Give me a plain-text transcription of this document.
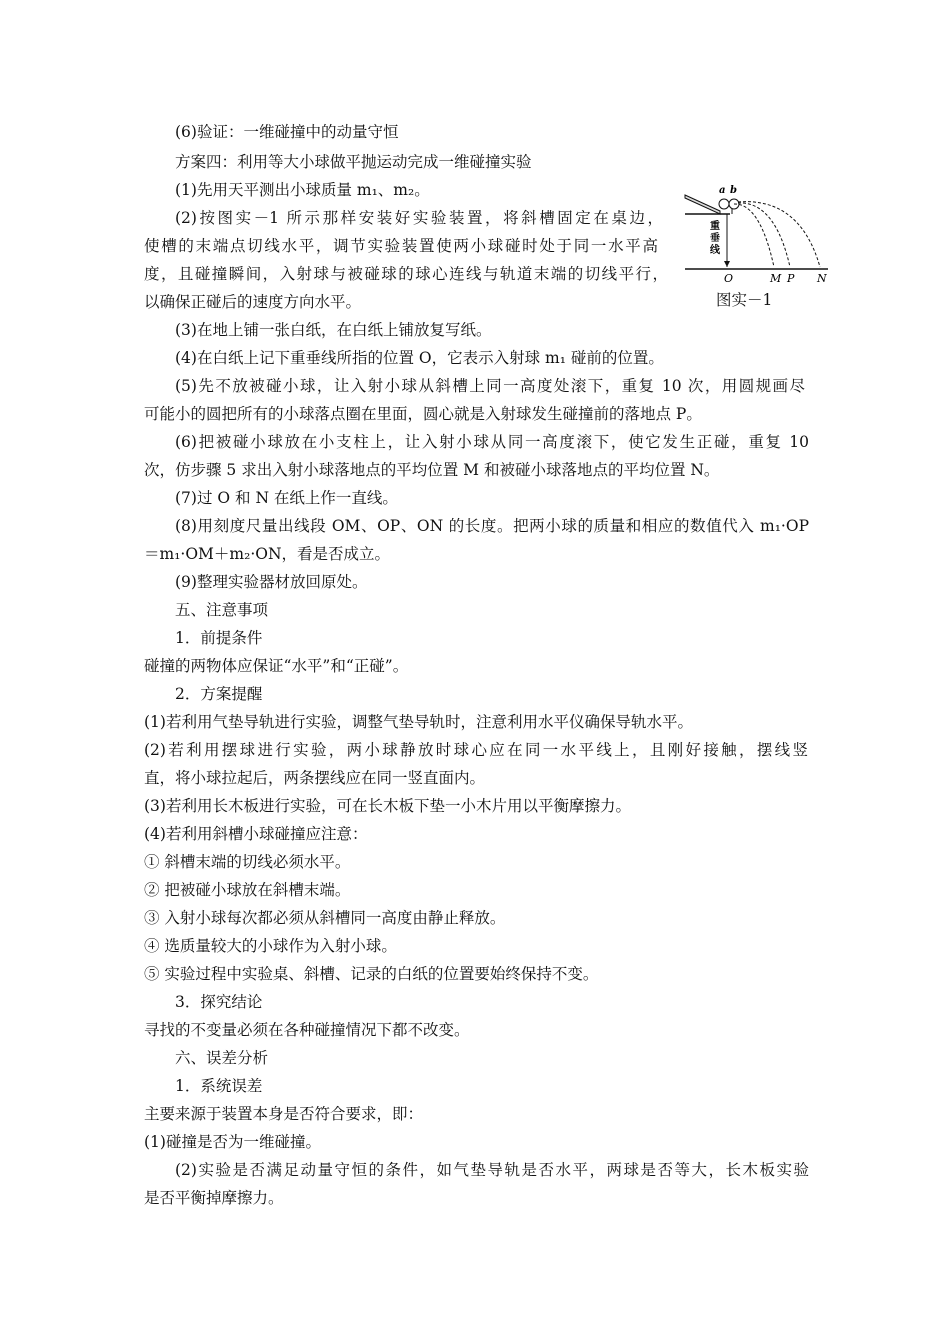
(6)验证：一维碰撞中的动量守恒
方案四：利用等大小球做平抛运动完成一维碰撞实验
(1)先用天平测出小球质量 m₁、m₂。
(2)按图实－1 所示那样安装好实验装置，将斜槽固定在桌边，
使槽的末端点切线水平，调节实验装置使两小球碰时处于同一水平高
度，且碰撞瞬间，入射球与被碰球的球心连线与轨道末端的切线平行，
以确保正碰后的速度方向水平。
(3)在地上铺一张白纸，在白纸上铺放复写纸。
(4)在白纸上记下重垂线所指的位置 O，它表示入射球 m₁ 碰前的位置。
(5)先不放被碰小球，让入射小球从斜槽上同一高度处滚下，重复 10 次，用圆规画尽
可能小的圆把所有的小球落点圈在里面，圆心就是入射球发生碰撞前的落地点 P。
(6)把被碰小球放在小支柱上，让入射小球从同一高度滚下，使它发生正碰，重复 10
次，仿步骤 5 求出入射小球落地点的平均位置 M 和被碰小球落地点的平均位置 N。
(7)过 O 和 N 在纸上作一直线。
(8)用刻度尺量出线段 OM、OP、ON 的长度。把两小球的质量和相应的数值代入 m₁·OP
＝m₁·OM＋m₂·ON，看是否成立。
(9)整理实验器材放回原处。
五、注意事项
1．前提条件
碰撞的两物体应保证“水平”和“正碰”。
2．方案提醒
(1)若利用气垫导轨进行实验，调整气垫导轨时，注意利用水平仪确保导轨水平。
(2)若利用摆球进行实验，两小球静放时球心应在同一水平线上，且刚好接触，摆线竖
直，将小球拉起后，两条摆线应在同一竖直面内。
(3)若利用长木板进行实验，可在长木板下垫一小木片用以平衡摩擦力。
(4)若利用斜槽小球碰撞应注意：
① 斜槽末端的切线必须水平。
② 把被碰小球放在斜槽末端。
③ 入射小球每次都必须从斜槽同一高度由静止释放。
④ 选质量较大的小球作为入射小球。
⑤ 实验过程中实验桌、斜槽、记录的白纸的位置要始终保持不变。
3．探究结论
寻找的不变量必须在各种碰撞情况下都不改变。
六、误差分析
1．系统误差
主要来源于装置本身是否符合要求，即：
(1)碰撞是否为一维碰撞。
(2)实验是否满足动量守恒的条件，如气垫导轨是否水平，两球是否等大，长木板实验
是否平衡掉摩擦力。
a b
重
垂
线
O	M P N
图实－1
